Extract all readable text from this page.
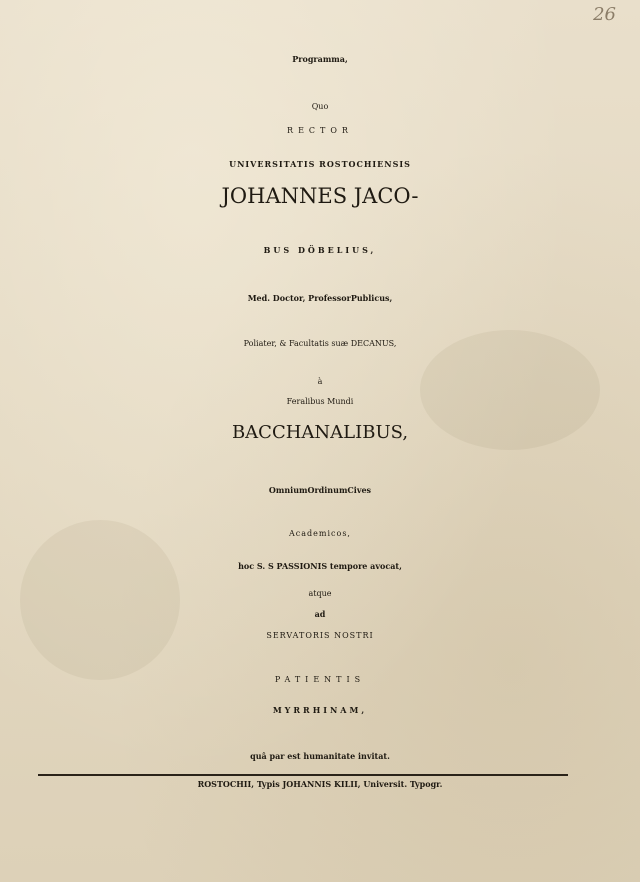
26
Programma,
Quo
RECTOR
UNIVERSITATIS ROSTOCHIENSIS
JOHANNES JACO-
BUS DÖBELIUS,
Med. Doctor, ProfessorPublicus,
Poliater, & Facultatis suæ DECANUS,
à
Feralibus Mundi
BACCHANALIBUS,
OmniumOrdinumCives
Academicos,
hoc S. S PASSIONIS tempore avocat,
atque
ad
SERVATORIS NOSTRI
PATIENTIS
MYRRHINAM,
quâ par est humanitate invitat.
ROSTOCHII, Typis JOHANNIS KILII, Universit. Typogr.
